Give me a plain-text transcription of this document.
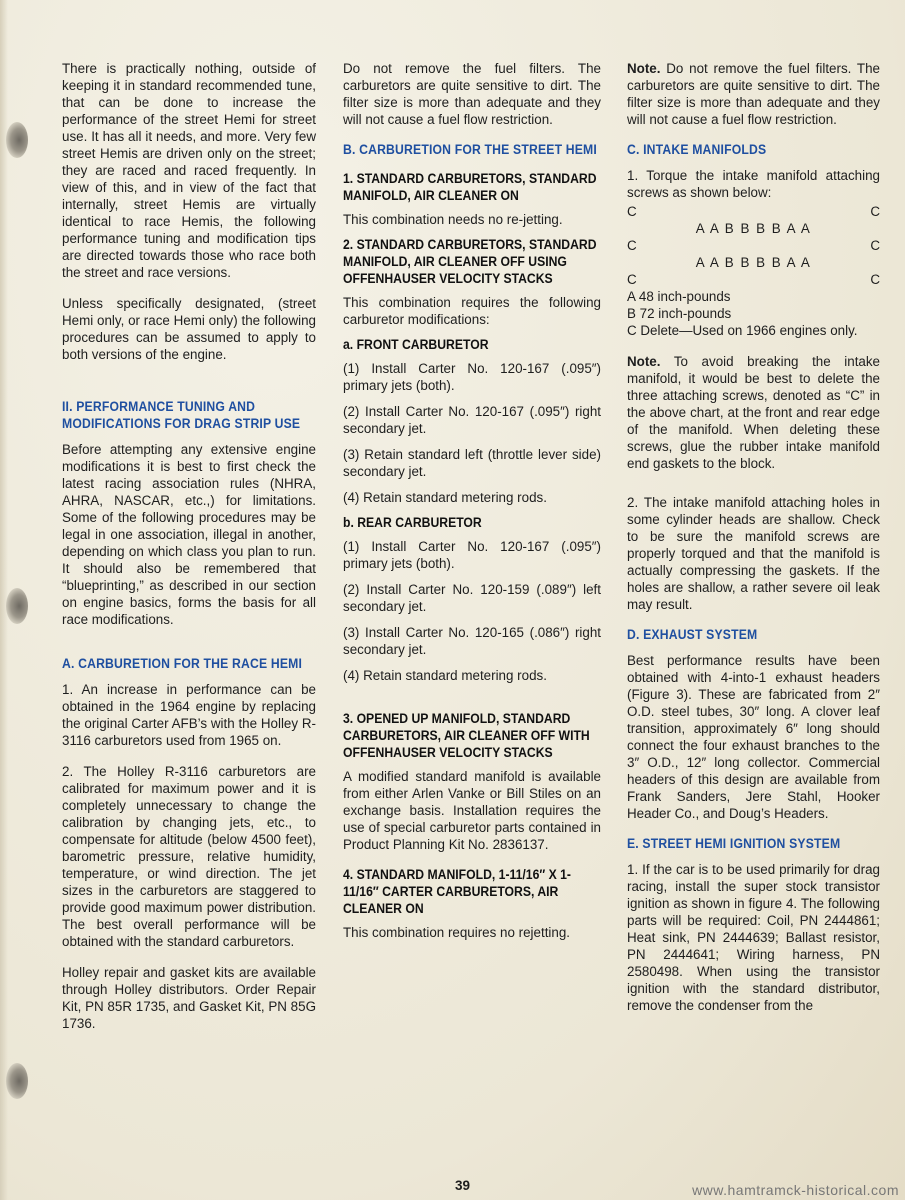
There is practically nothing, outside of keeping it in standard recommended tune, that can be done to increase the performance of the street Hemi for street use. It has all it needs, and more. Very few street Hemis are driven only on the street; they are raced and raced frequently. In view of this, and in view of the fact that internally, street Hemis are virtually identical to race Hemis, the following performance tuning and modification tips are directed towards those who race both the street and race versions.

Unless specifically designated, (street Hemi only, or race Hemi only) the following procedures can be assumed to apply to both versions of the engine.

II. PERFORMANCE TUNING AND MODIFICATIONS FOR DRAG STRIP USE

Before attempting any extensive engine modifications it is best to first check the latest racing association rules (NHRA, AHRA, NASCAR, etc.,) for limitations. Some of the following procedures may be legal in one association, illegal in another, depending on which class you plan to run. It should also be remembered that “blueprinting,” as described in our section on engine basics, forms the basis for all race modifications.

A. CARBURETION FOR THE RACE HEMI

1. An increase in performance can be obtained in the 1964 engine by replacing the original Carter AFB’s with the Holley R-3116 carburetors used from 1965 on.

2. The Holley R-3116 carburetors are calibrated for maximum power and it is completely unnecessary to change the calibration by changing jets, etc., to compensate for altitude (below 4500 feet), barometric pressure, relative humidity, temperature, or wind direction. The jet sizes in the carburetors are staggered to provide good maximum power distribution. The best overall performance will be obtained with the standard carburetors.

Holley repair and gasket kits are available through Holley distributors. Order Repair Kit, PN 85R 1735, and Gasket Kit, PN 85G 1736.

Do not remove the fuel filters. The carburetors are quite sensitive to dirt. The filter size is more than adequate and they will not cause a fuel flow restriction.

B. CARBURETION FOR THE STREET HEMI
1. STANDARD CARBURETORS, STANDARD MANIFOLD, AIR CLEANER ON

This combination needs no re-jetting.

2. STANDARD CARBURETORS, STANDARD MANIFOLD, AIR CLEANER OFF USING OFFENHAUSER VELOCITY STACKS

This combination requires the following carburetor modifications:

a. FRONT CARBURETOR

(1) Install Carter No. 120-167 (.095″) primary jets (both).

(2) Install Carter No. 120-167 (.095″) right secondary jet.

(3) Retain standard left (throttle lever side) secondary jet.

(4) Retain standard metering rods.

b. REAR CARBURETOR

(1) Install Carter No. 120-167 (.095″) primary jets (both).

(2) Install Carter No. 120-159 (.089″) left secondary jet.

(3) Install Carter No. 120-165 (.086″) right secondary jet.

(4) Retain standard metering rods.

3. OPENED UP MANIFOLD, STANDARD CARBURETORS, AIR CLEANER OFF WITH OFFENHAUSER VELOCITY STACKS

A modified standard manifold is available from either Arlen Vanke or Bill Stiles on an exchange basis. Installation requires the use of special carburetor parts contained in Product Planning Kit No. 2836137.

4. STANDARD MANIFOLD, 1-11/16″ X 1-11/16″ CARTER CARBURETORS, AIR CLEANER ON

This combination requires no rejetting.

Note. Do not remove the fuel filters. The carburetors are quite sensitive to dirt. The filter size is more than adequate and they will not cause a fuel flow restriction.

C. INTAKE MANIFOLDS

1. Torque the intake manifold attaching screws as shown below:

C	C
A A B B B B A A
C	C
A A B B B B A A
C	C

A 48 inch-pounds

B 72 inch-pounds

C Delete—Used on 1966 engines only.

Note. To avoid breaking the intake manifold, it would be best to delete the three attaching screws, denoted as “C” in the above chart, at the front and rear edge of the manifold. When deleting these screws, glue the rubber intake manifold end gaskets to the block.

2. The intake manifold attaching holes in some cylinder heads are shallow. Check to be sure the manifold screws are properly torqued and that the manifold is actually compressing the gaskets. If the holes are shallow, a rather severe oil leak may result.

D. EXHAUST SYSTEM

Best performance results have been obtained with 4-into-1 exhaust headers (Figure 3). These are fabricated from 2″ O.D. steel tubes, 30″ long. A clover leaf transition, approximately 6″ long should connect the four exhaust branches to the 3″ O.D., 12″ long collector. Commercial headers of this design are available from Frank Sanders, Jere Stahl, Hooker Header Co., and Doug’s Headers.

E. STREET HEMI IGNITION SYSTEM

1. If the car is to be used primarily for drag racing, install the super stock transistor ignition as shown in figure 4. The following parts will be required: Coil, PN 2444861; Heat sink, PN 2444639; Ballast resistor, PN 2444641; Wiring harness, PN 2580498. When using the transistor ignition with the standard distributor, remove the condenser from the

39	www.hamtramck-historical.com
